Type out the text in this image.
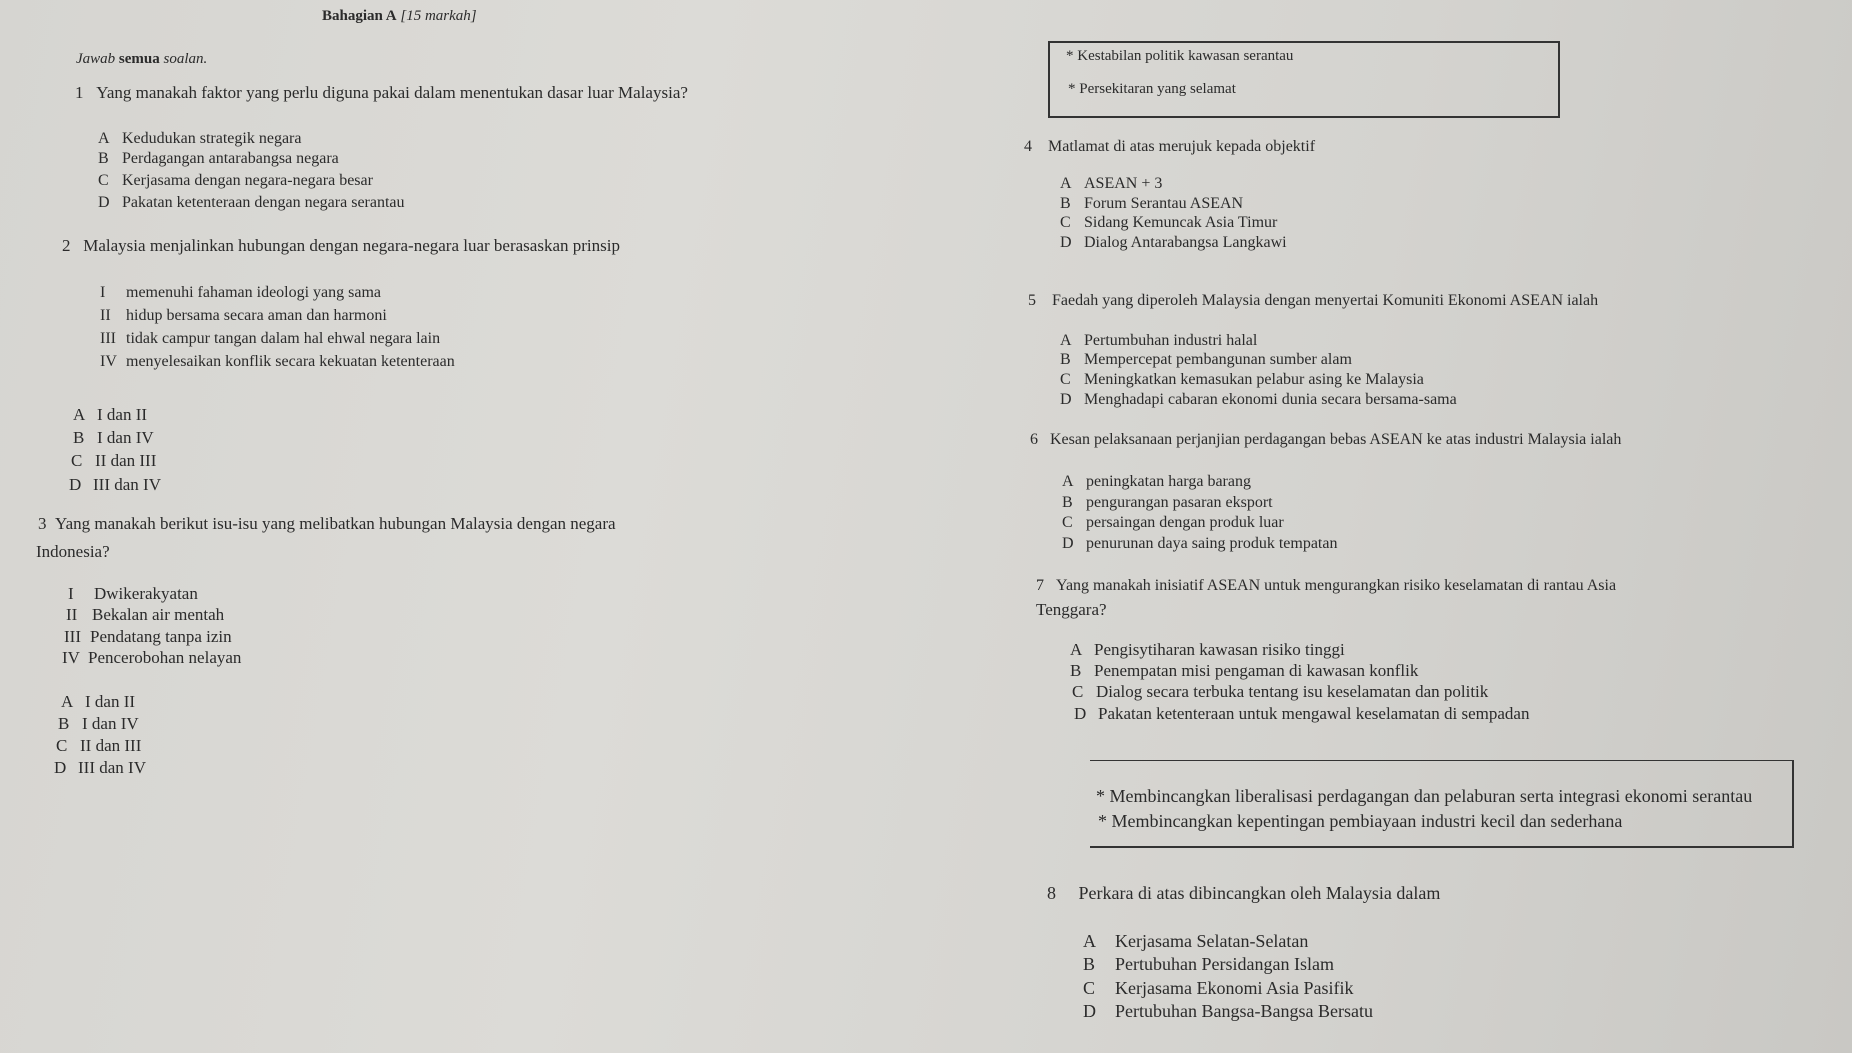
Bahagian A [15 markah]
Jawab semua soalan.
1 Yang manakah faktor yang perlu diguna pakai dalam menentukan dasar luar Malaysia?
A Kedudukan strategik negara
B Perdagangan antarabangsa negara
C Kerjasama dengan negara-negara besar
D Pakatan ketenteraan dengan negara serantau
2 Malaysia menjalinkan hubungan dengan negara-negara luar berasaskan prinsip
I memenuhi fahaman ideologi yang sama
II hidup bersama secara aman dan harmoni
III tidak campur tangan dalam hal ehwal negara lain
IV menyelesaikan konflik secara kekuatan ketenteraan
A I dan II
B I dan IV
C II dan III
D III dan IV
3 Yang manakah berikut isu-isu yang melibatkan hubungan Malaysia dengan negara
Indonesia?
I Dwikerakyatan
II Bekalan air mentah
III Pendatang tanpa izin
IV Pencerobohan nelayan
A I dan II
B I dan IV
C II dan III
D III dan IV
* Kestabilan politik kawasan serantau
* Persekitaran yang selamat
4 Matlamat di atas merujuk kepada objektif
A ASEAN + 3
B Forum Serantau ASEAN
C Sidang Kemuncak Asia Timur
D Dialog Antarabangsa Langkawi
5 Faedah yang diperoleh Malaysia dengan menyertai Komuniti Ekonomi ASEAN ialah
A Pertumbuhan industri halal
B Mempercepat pembangunan sumber alam
C Meningkatkan kemasukan pelabur asing ke Malaysia
D Menghadapi cabaran ekonomi dunia secara bersama-sama
6 Kesan pelaksanaan perjanjian perdagangan bebas ASEAN ke atas industri Malaysia ialah
A peningkatan harga barang
B pengurangan pasaran eksport
C persaingan dengan produk luar
D penurunan daya saing produk tempatan
7 Yang manakah inisiatif ASEAN untuk mengurangkan risiko keselamatan di rantau Asia
Tenggara?
A Pengisytiharan kawasan risiko tinggi
B Penempatan misi pengaman di kawasan konflik
C Dialog secara terbuka tentang isu keselamatan dan politik
D Pakatan ketenteraan untuk mengawal keselamatan di sempadan
* Membincangkan liberalisasi perdagangan dan pelaburan serta integrasi ekonomi serantau
* Membincangkan kepentingan pembiayaan industri kecil dan sederhana
8 Perkara di atas dibincangkan oleh Malaysia dalam
A Kerjasama Selatan-Selatan
B Pertubuhan Persidangan Islam
C Kerjasama Ekonomi Asia Pasifik
D Pertubuhan Bangsa-Bangsa Bersatu
